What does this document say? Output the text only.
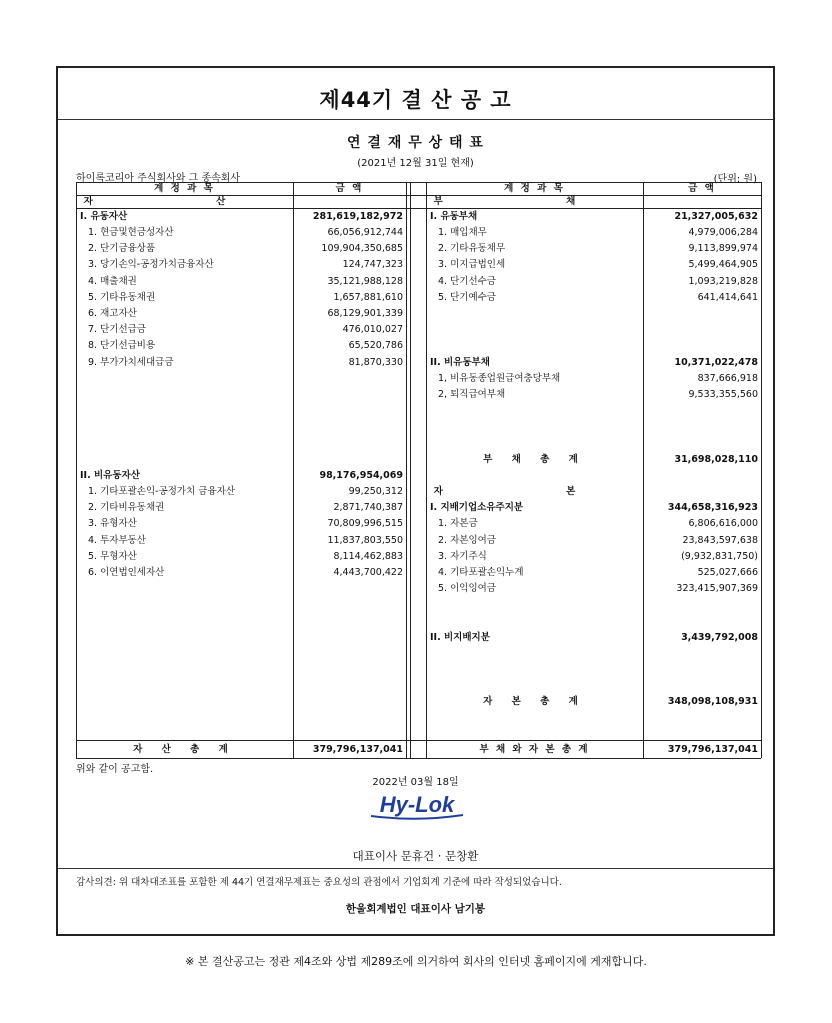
제44기 결 산 공 고
연 결 재 무 상 태 표
(2021년 12월 31일 현재)
하이록코리아 주식회사와 그 종속회사	(단위: 원)
계 정 과 목	금 액	계 정 과 목	금 액
자 산	부 채
I. 유동자산	281,619,182,972
1. 현금및현금성자산	66,056,912,744
2. 단기금융상품	109,904,350,685
3. 당기손익-공정가치금융자산	124,747,323
4. 매출채권	35,121,988,128
5. 기타유동채권	1,657,881,610
6. 재고자산	68,129,901,339
7. 단기선급금	476,010,027
8. 단기선급비용	65,520,786
9. 부가가치세대급금	81,870,330
II. 비유동자산	98,176,954,069
1. 기타포괄손익-공정가치 금융자산	99,250,312
2. 기타비유동채권	2,871,740,387
3. 유형자산	70,809,996,515
4. 투자부동산	11,837,803,550
5. 무형자산	8,114,462,883
6. 이연법인세자산	4,443,700,422
자 산 총 계	379,796,137,041
I. 유동부채	21,327,005,632
1. 매입채무	4,979,006,284
2. 기타유동채무	9,113,899,974
3. 미지급법인세	5,499,464,905
4. 단기선수금	1,093,219,828
5. 단기예수금	641,414,641
II. 비유동부채	10,371,022,478
1, 비유동종업원급여충당부채	837,666,918
2, 퇴직급여부채	9,533,355,560
부 채 총 계	31,698,028,110
자 본
I. 지배기업소유주지분	344,658,316,923
1. 자본금	6,806,616,000
2. 자본잉여금	23,843,597,638
3. 자기주식	(9,932,831,750)
4. 기타포괄손익누계	525,027,666
5. 이익잉여금	323,415,907,369
II. 비지배지분	3,439,792,008
자 본 총 계	348,098,108,931
부 채 와 자 본 총 계	379,796,137,041
위와 같이 공고함.
2022년 03월 18일
Hy-Lok
대표이사 문휴건 · 문창환
감사의견: 위 대차대조표를 포함한 제 44기 연결재무제표는 중요성의 관점에서 기업회계 기준에 따라 작성되었습니다.
한울회계법인 대표이사 남기봉
※ 본 결산공고는 정관 제4조와 상법 제289조에 의거하여 회사의 인터넷 홈페이지에 게재합니다.
